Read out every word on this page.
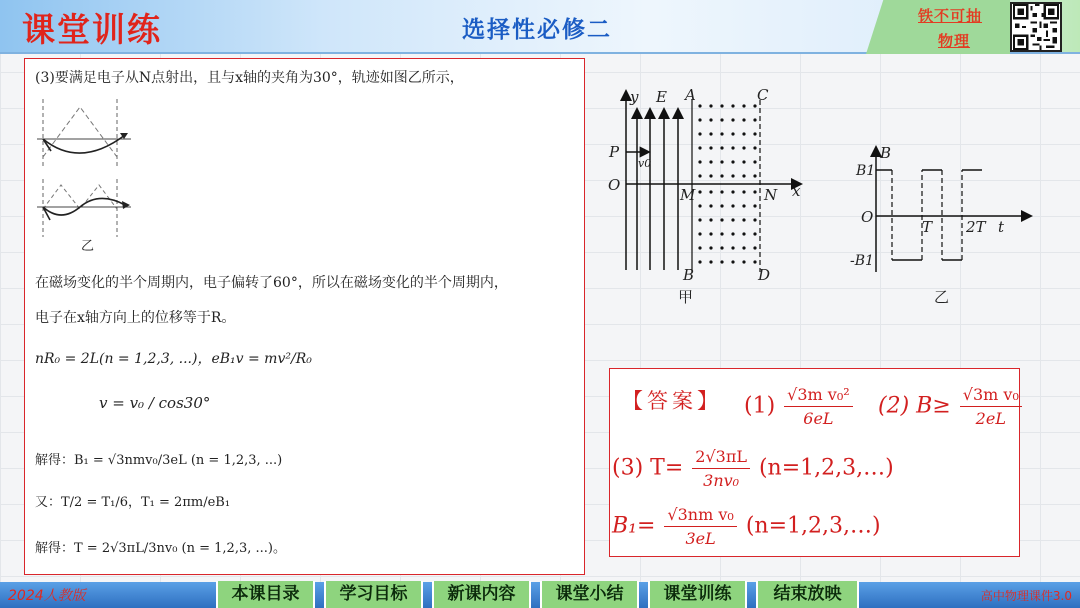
课堂训练	选择性必修二
铁不可抽
物理
(3)要满足电子从N点射出，且与x轴的夹角为30°，轨迹如图乙所示，
乙
在磁场变化的半个周期内，电子偏转了60°，所以在磁场变化的半个周期内，
电子在x轴方向上的位移等于R。
nR₀ = 2L(n = 1,2,3, ...)，eB₁v = mv²/R₀
v = v₀ / cos30°
解得：B₁ = √3nmv₀/3eL (n = 1,2,3, ...)
又：T/2 = T₁/6，T₁ = 2πm/eB₁
解得：T = 2√3πL/3nv₀ (n = 1,2,3, ...)。
y E A	C
P
v0
O
M	N x
B	D
甲
B
B1
O
T 2T t
-B1
乙
【答案】 $(1) \frac{\text{√3m v₀²}}{6eL} (2)$ $B\ge \frac{\text{√3m v₀}}{2eL}$
(3) $T= \frac{2√3\pi L}{\text{3nv₀}}$ (n=1,2,3,…)
$B_1= \frac{\text{√3nm v₀}}{3eL}$ (n=1,2,3,…)
2024人教版	高中物理课件3.0
本课目录	学习目标	新课内容	课堂小结	课堂训练	结束放映
